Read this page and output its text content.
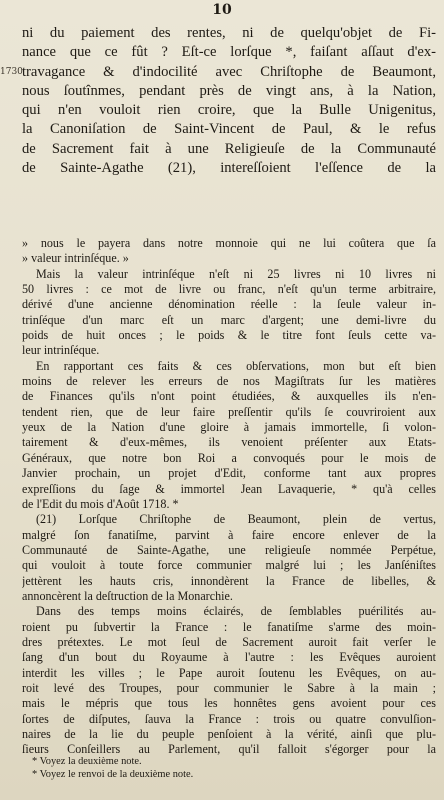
10
1730
ni du paiement des rentes, ni de quelqu'objet de Fi-
nance que ce fût ? Eſt-ce lorſque *, faiſant aſſaut d'ex-
travagance & d'indocilité avec Chriſtophe de Beaumont,
nous ſoutînmes, pendant près de vingt ans, à la Nation,
qui n'en vouloit rien croire, que la Bulle Unigenitus,
la Canoniſation de Saint-Vincent de Paul, & le refus
de Sacrement fait à une Religieuſe de la Communauté
de Sainte-Agathe (21), intereſſoient l'eſſence de la
» nous le payera dans notre monnoie qui ne lui coûtera que ſa
» valeur intrinſéque. »
Mais la valeur intrinſéque n'eſt ni 25 livres ni 10 livres ni
50 livres : ce mot de livre ou franc, n'eſt qu'un terme arbitraire,
dérivé d'une ancienne dénomination réelle : la ſeule valeur in-
trinſéque d'un marc eſt un marc d'argent; une demi-livre du
poids de huit onces ; le poids & le titre font ſeuls cette va-
leur intrinſéque.
En rapportant ces faits & ces obſervations, mon but eſt bien
moins de relever les erreurs de nos Magiſtrats ſur les matières
de Finances qu'ils n'ont point étudiées, & auxquelles ils n'en-
tendent rien, que de leur faire preſſentir qu'ils ſe couvriroient aux
yeux de la Nation d'une gloire à jamais immortelle, ſi volon-
tairement & d'eux-mêmes, ils venoient préſenter aux Etats-
Généraux, que notre bon Roi a convoqués pour le mois de
Janvier prochain, un projet d'Edit, conforme tant aux propres
expreſſions du ſage & immortel Jean Lavaquerie, * qu'à celles
de l'Edit du mois d'Août 1718. *
(21) Lorſque Chriſtophe de Beaumont, plein de vertus,
malgré ſon fanatiſme, parvint à faire encore enlever de la
Communauté de Sainte-Agathe, une religieuſe nommée Perpétue,
qui vouloit à toute force communier malgré lui ; les Janſéniſtes
jettèrent les hauts cris, innondèrent la France de libelles, &
annoncèrent la deſtruction de la Monarchie.
Dans des temps moins éclairés, de ſemblables puérilités au-
roient pu ſubvertir la France : le fanatiſme s'arme des moin-
dres prétextes. Le mot ſeul de Sacrement auroit fait verſer le
ſang d'un bout du Royaume à l'autre : les Evêques auroient
interdit les villes ; le Pape auroit ſoutenu les Evêques, on au-
roit levé des Troupes, pour communier le Sabre à la main ;
mais le mépris que tous les honnêtes gens avoient pour ces
ſortes de diſputes, ſauva la France : trois ou quatre convulſion-
naires de la lie du peuple penſoient à la vérité, ainſi que plu-
ſieurs Conſeillers au Parlement, qu'il falloit s'égorger pour la
* Voyez la deuxième note.
* Voyez le renvoi de la deuxième note.
